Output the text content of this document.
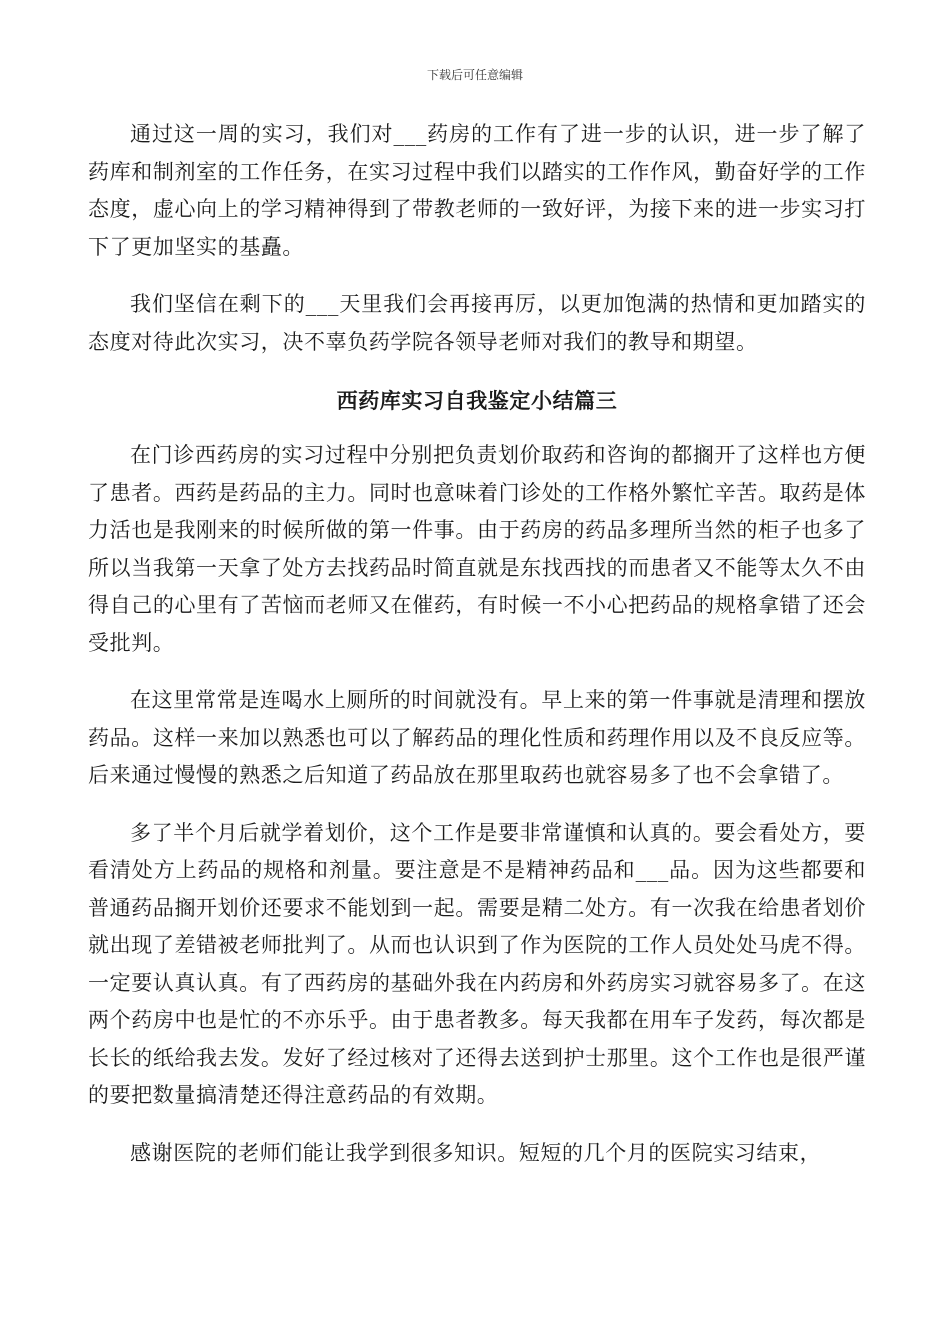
下载后可任意编辑

通过这一周的实习，我们对___药房的工作有了进一步的认识，进一步了解了药库和制剂室的工作任务，在实习过程中我们以踏实的工作作风，勤奋好学的工作态度，虚心向上的学习精神得到了带教老师的一致好评，为接下来的进一步实习打下了更加坚实的基矗。

我们坚信在剩下的___天里我们会再接再厉，以更加饱满的热情和更加踏实的态度对待此次实习，决不辜负药学院各领导老师对我们的教导和期望。

西药库实习自我鉴定小结篇三

在门诊西药房的实习过程中分别把负责划价取药和咨询的都搁开了这样也方便了患者。西药是药品的主力。同时也意味着门诊处的工作格外繁忙辛苦。取药是体力活也是我刚来的时候所做的第一件事。由于药房的药品多理所当然的柜子也多了所以当我第一天拿了处方去找药品时简直就是东找西找的而患者又不能等太久不由得自己的心里有了苦恼而老师又在催药，有时候一不小心把药品的规格拿错了还会受批判。

在这里常常是连喝水上厕所的时间就没有。早上来的第一件事就是清理和摆放药品。这样一来加以熟悉也可以了解药品的理化性质和药理作用以及不良反应等。后来通过慢慢的熟悉之后知道了药品放在那里取药也就容易多了也不会拿错了。

多了半个月后就学着划价，这个工作是要非常谨慎和认真的。要会看处方，要看清处方上药品的规格和剂量。要注意是不是精神药品和___品。因为这些都要和普通药品搁开划价还要求不能划到一起。需要是精二处方。有一次我在给患者划价就出现了差错被老师批判了。从而也认识到了作为医院的工作人员处处马虎不得。一定要认真认真。有了西药房的基础外我在内药房和外药房实习就容易多了。在这两个药房中也是忙的不亦乐乎。由于患者教多。每天我都在用车子发药，每次都是长长的纸给我去发。发好了经过核对了还得去送到护士那里。这个工作也是很严谨的要把数量搞清楚还得注意药品的有效期。

感谢医院的老师们能让我学到很多知识。短短的几个月的医院实习结束，
